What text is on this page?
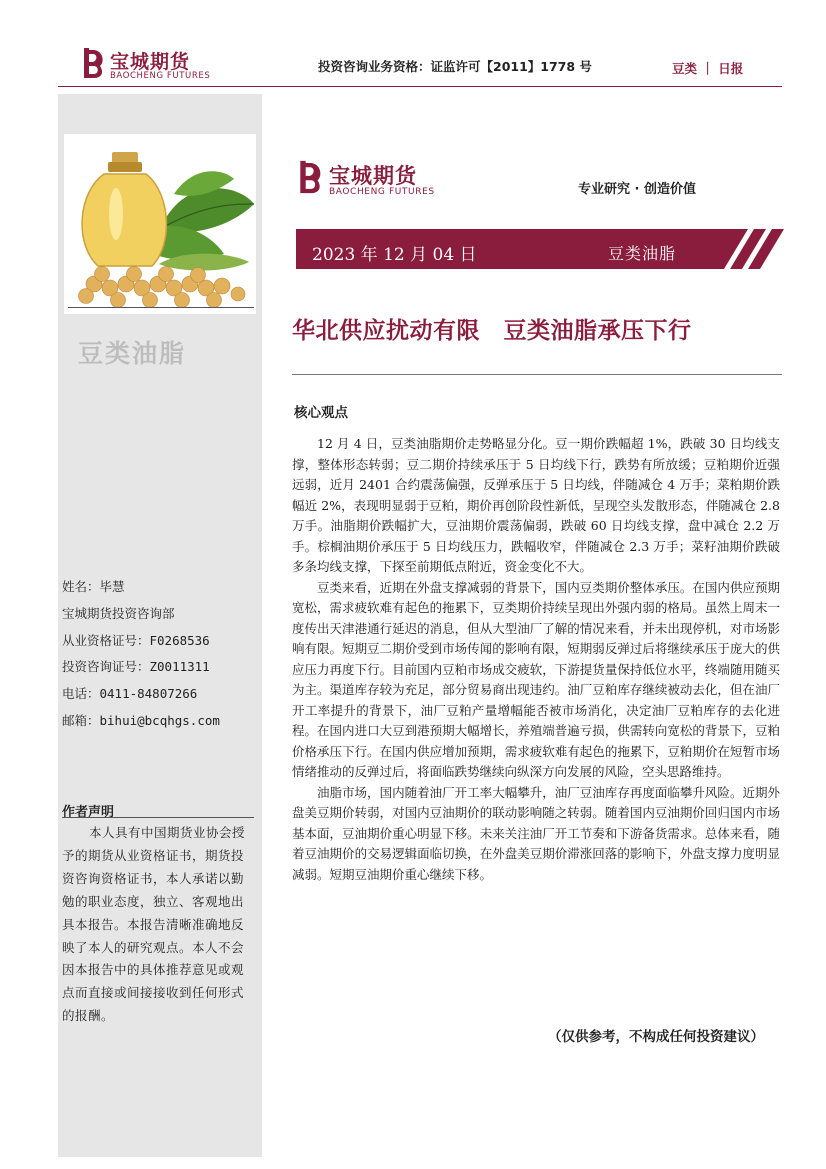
宝城期货
BAOCHENG FUTURES
投资咨询业务资格：证监许可【2011】1778 号	豆类 ｜ 日报
豆类油脂
姓名：毕慧
宝城期货投资咨询部
从业资格证号：F0268536
投资咨询证号：Z0011311
电话：0411-84807266
邮箱：bihui@bcqhgs.com
作者声明
本人具有中国期货业协会授予的期货从业资格证书，期货投资咨询资格证书，本人承诺以勤勉的职业态度，独立、客观地出具本报告。本报告清晰准确地反映了本人的研究观点。本人不会因本报告中的具体推荐意见或观点而直接或间接接收到任何形式的报酬。
宝城期货
BAOCHENG FUTURES	专业研究 · 创造价值
2023 年 12 月 04 日	豆类油脂
华北供应扰动有限　豆类油脂承压下行
核心观点

12 月 4 日，豆类油脂期价走势略显分化。豆一期价跌幅超 1%，跌破 30 日均线支撑，整体形态转弱；豆二期价持续承压于 5 日均线下行，跌势有所放缓；豆粕期价近强远弱，近月 2401 合约震荡偏强，反弹承压于 5 日均线，伴随减仓 4 万手；菜粕期价跌幅近 2%，表现明显弱于豆粕，期价再创阶段性新低，呈现空头发散形态，伴随减仓 2.8 万手。油脂期价跌幅扩大，豆油期价震荡偏弱，跌破 60 日均线支撑，盘中减仓 2.2 万手。棕榈油期价承压于 5 日均线压力，跌幅收窄，伴随减仓 2.3 万手；菜籽油期价跌破多条均线支撑，下探至前期低点附近，资金变化不大。

豆类来看，近期在外盘支撑减弱的背景下，国内豆类期价整体承压。在国内供应预期宽松，需求疲软难有起色的拖累下，豆类期价持续呈现出外强内弱的格局。虽然上周末一度传出天津港通行延迟的消息，但从大型油厂了解的情况来看，并未出现停机，对市场影响有限。短期豆二期价受到市场传闻的影响有限，短期弱反弹过后将继续承压于庞大的供应压力再度下行。目前国内豆粕市场成交疲软，下游提货量保持低位水平，终端随用随买为主。渠道库存较为充足，部分贸易商出现违约。油厂豆粕库存继续被动去化，但在油厂开工率提升的背景下，油厂豆粕产量增幅能否被市场消化，决定油厂豆粕库存的去化进程。在国内进口大豆到港预期大幅增长，养殖端普遍亏损，供需转向宽松的背景下，豆粕价格承压下行。在国内供应增加预期，需求疲软难有起色的拖累下，豆粕期价在短暂市场情绪推动的反弹过后，将面临跌势继续向纵深方向发展的风险，空头思路维持。

油脂市场，国内随着油厂开工率大幅攀升，油厂豆油库存再度面临攀升风险。近期外盘美豆期价转弱，对国内豆油期价的联动影响随之转弱。随着国内豆油期价回归国内市场基本面，豆油期价重心明显下移。未来关注油厂开工节奏和下游备货需求。总体来看，随着豆油期价的交易逻辑面临切换，在外盘美豆期价滞涨回落的影响下，外盘支撑力度明显减弱。短期豆油期价重心继续下移。

（仅供参考，不构成任何投资建议）
